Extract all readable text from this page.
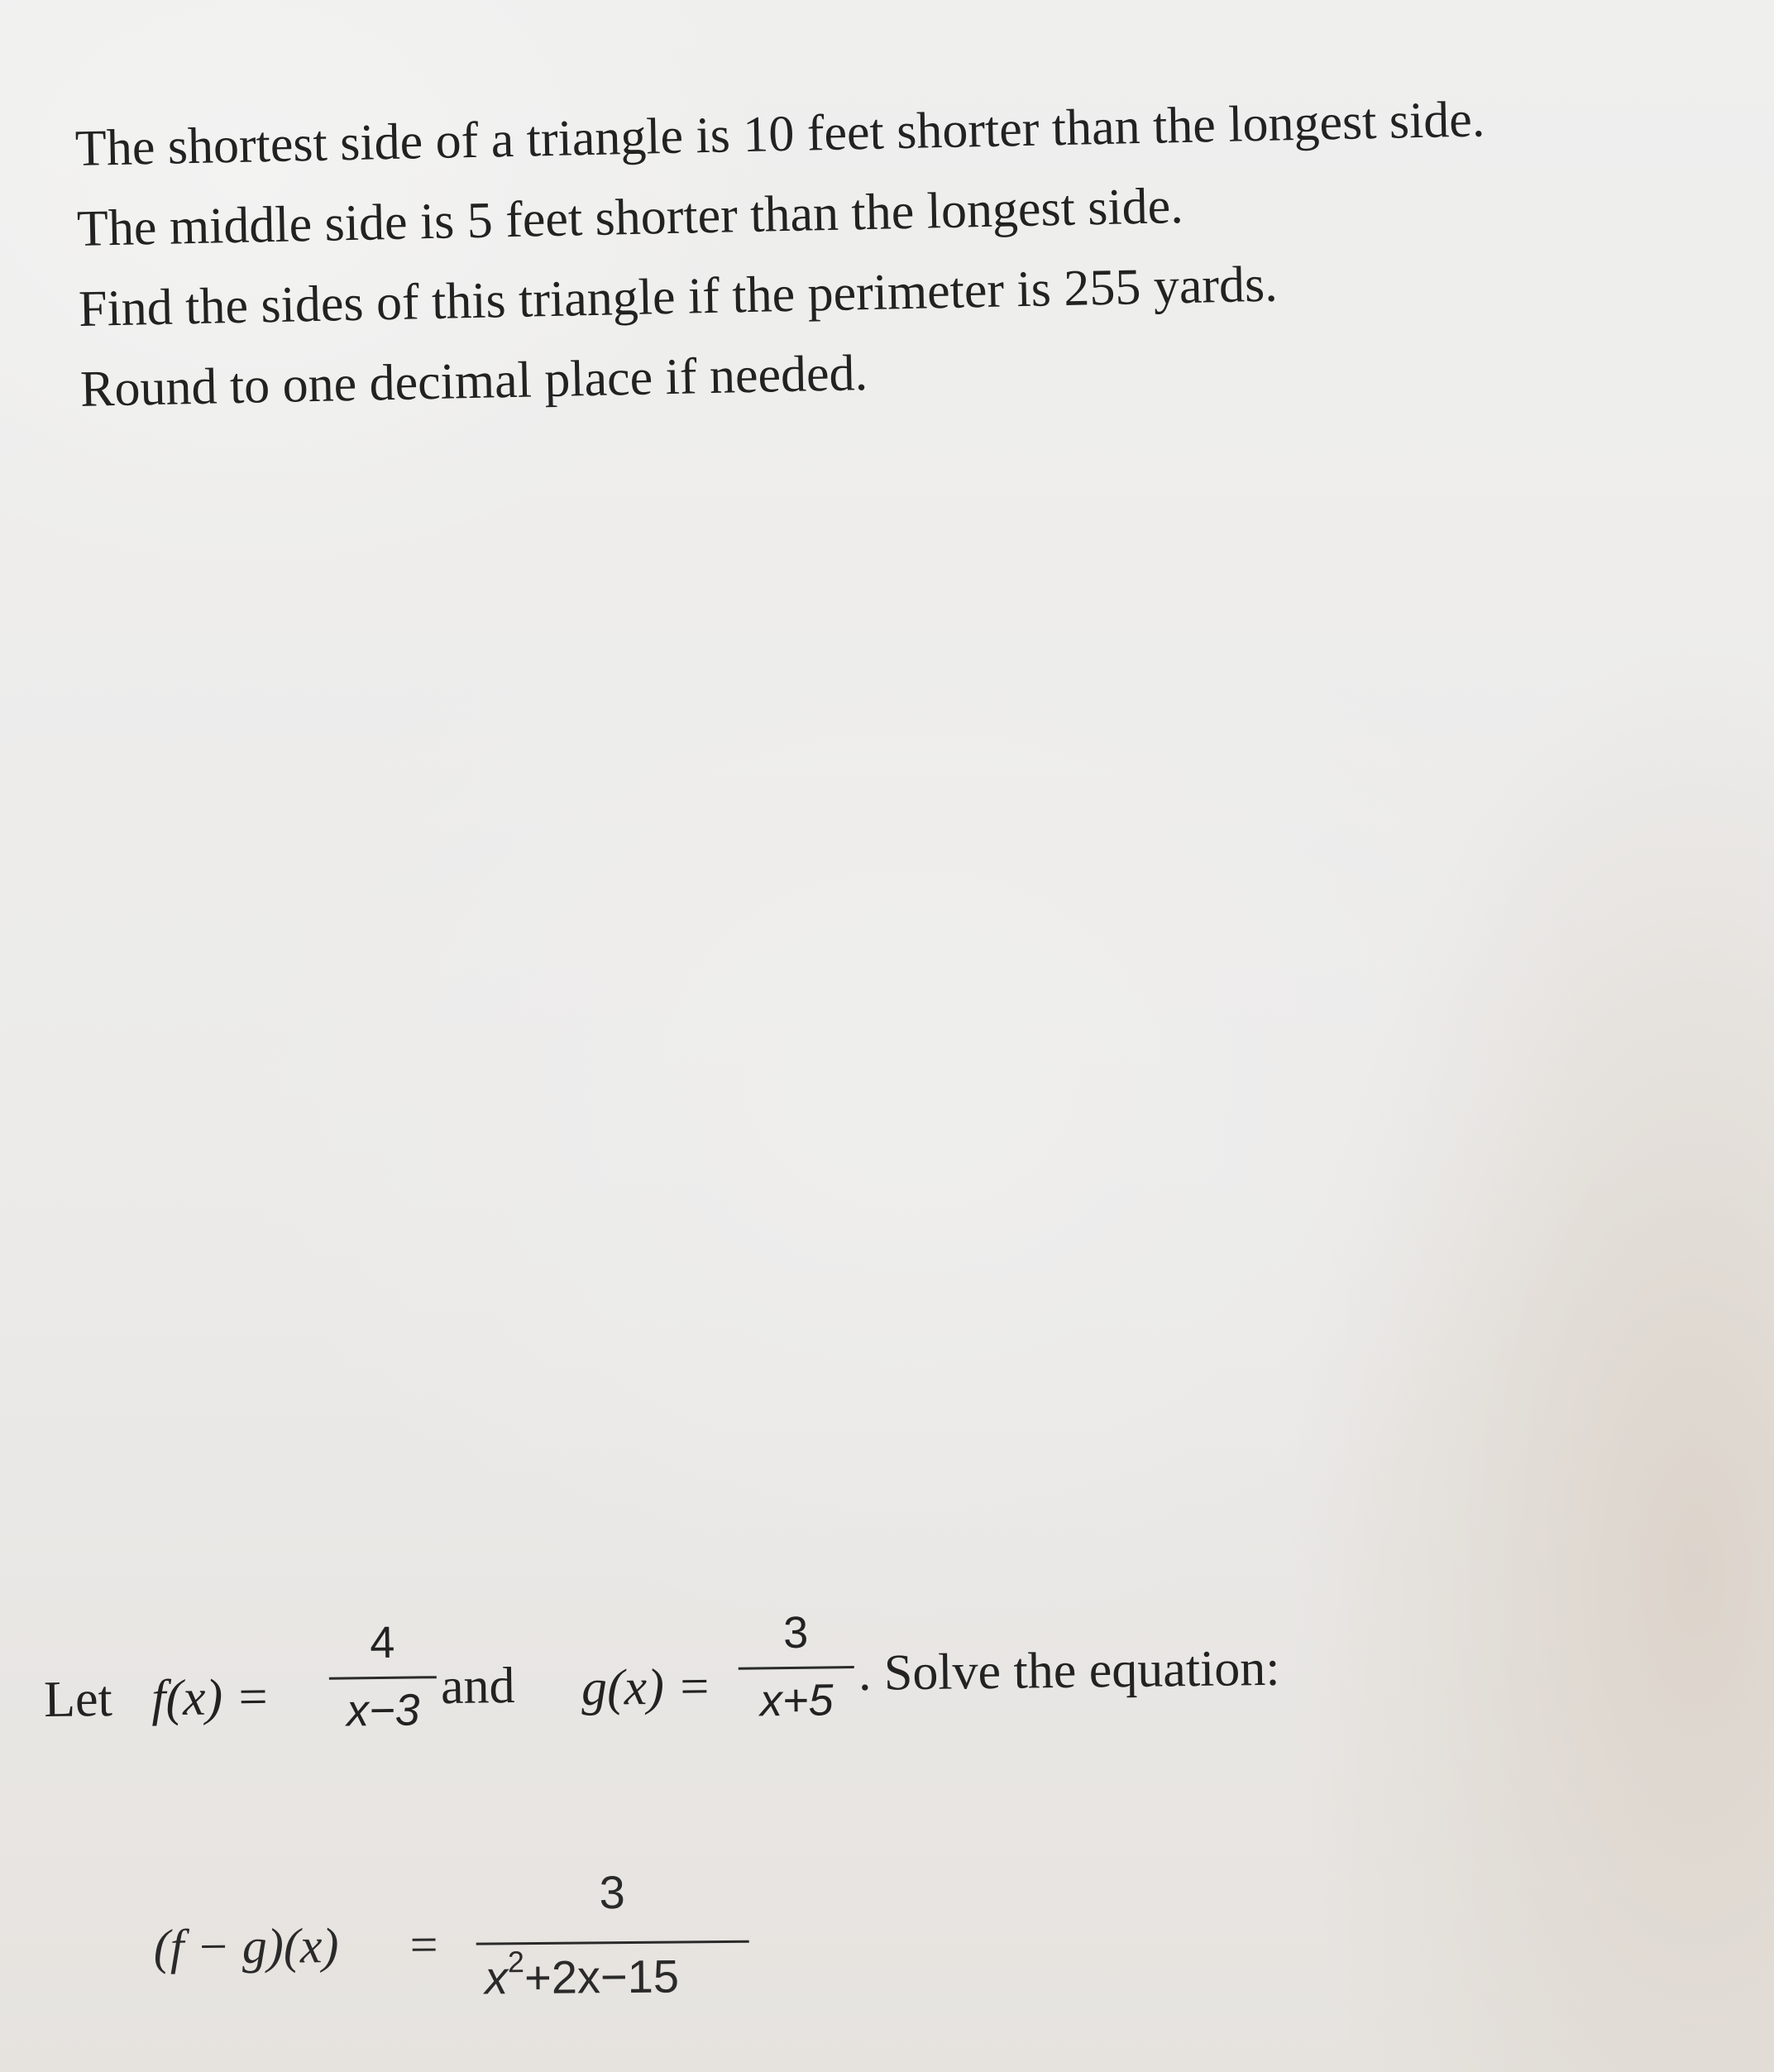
The shortest side of a triangle is 10 feet shorter than the longest side.
The middle side is 5 feet shorter than the longest side.
Find the sides of this triangle if the perimeter is 255 yards.
Round to one decimal place if needed.
Let f(x) =
4
x−3 and g(x) =
3
x+5 . Solve the equation:
(f − g)(x) =
3
$x^2+2x-15$
